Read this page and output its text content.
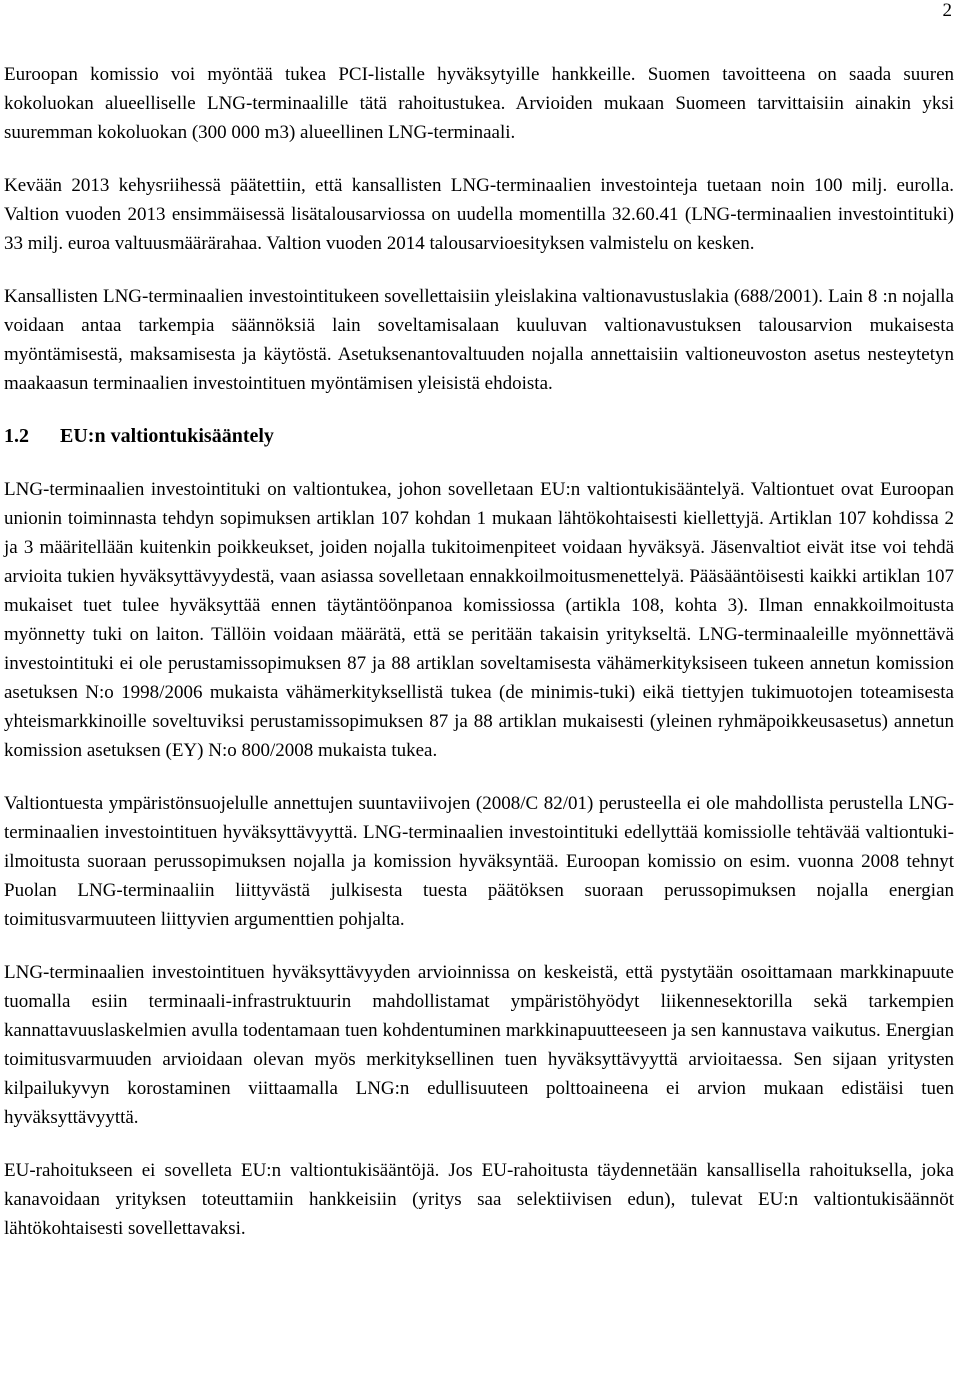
2

Euroopan komissio voi myöntää tukea PCI-listalle hyväksytyille hankkeille. Suomen tavoitteena on saada suuren kokoluokan alueelliselle LNG-terminaalille tätä rahoitustukea. Arvioiden mukaan Suomeen tarvittaisiin ainakin yksi suuremman kokoluokan (300 000 m3) alueellinen LNG-terminaali.

Kevään 2013 kehysriihessä päätettiin, että kansallisten LNG-terminaalien investointeja tuetaan noin 100 milj. eurolla. Valtion vuoden 2013 ensimmäisessä lisätalousarviossa on uudella momentilla 32.60.41 (LNG-terminaalien investointituki) 33 milj. euroa valtuusmäärärahaa. Valtion vuoden 2014 talousarvioesityksen valmistelu on kesken.

Kansallisten LNG-terminaalien investointitukeen sovellettaisiin yleislakina valtionavustuslakia (688/2001). Lain 8 :n nojalla voidaan antaa tarkempia säännöksiä lain soveltamisalaan kuuluvan valtionavustuksen talousarvion mukaisesta myöntämisestä, maksamisesta ja käytöstä. Asetuksenantovaltuuden nojalla annettaisiin valtioneuvoston asetus nesteytetyn maakaasun terminaalien investointituen myöntämisen yleisistä ehdoista.

1.2	EU:n valtiontukisääntely

LNG-terminaalien investointituki on valtiontukea, johon sovelletaan EU:n valtiontukisääntelyä. Valtiontuet ovat Euroopan unionin toiminnasta tehdyn sopimuksen artiklan 107 kohdan 1 mukaan lähtökohtaisesti kiellettyjä. Artiklan 107 kohdissa 2 ja 3 määritellään kuitenkin poikkeukset, joiden nojalla tukitoimenpiteet voidaan hyväksyä. Jäsenvaltiot eivät itse voi tehdä arvioita tukien hyväksyttävyydestä, vaan asiassa sovelletaan ennakkoilmoitusmenettelyä. Pääsääntöisesti kaikki artiklan 107 mukaiset tuet tulee hyväksyttää ennen täytäntöönpanoa komissiossa (artikla 108, kohta 3). Ilman ennakkoilmoitusta myönnetty tuki on laiton. Tällöin voidaan määrätä, että se peritään takaisin yritykseltä. LNG-terminaaleille myönnettävä investointituki ei ole perustamissopimuksen 87 ja 88 artiklan soveltamisesta vähämerkityksiseen tukeen annetun komission asetuksen N:o 1998/2006 mukaista vähämerkityksellistä tukea (de minimis-tuki) eikä tiettyjen tukimuotojen toteamisesta yhteismarkkinoille soveltuviksi perustamissopimuksen 87 ja 88 artiklan mukaisesti (yleinen ryhmäpoikkeusasetus) annetun komission asetuksen (EY) N:o 800/2008 mukaista tukea.

Valtiontuesta ympäristönsuojelulle annettujen suuntaviivojen (2008/C 82/01) perusteella ei ole mahdollista perustella LNG-terminaalien investointituen hyväksyttävyyttä. LNG-terminaalien investointituki edellyttää komissiolle tehtävää valtiontuki-ilmoitusta suoraan perussopimuksen nojalla ja komission hyväksyntää. Euroopan komissio on esim. vuonna 2008 tehnyt Puolan LNG-terminaaliin liittyvästä julkisesta tuesta päätöksen suoraan perussopimuksen nojalla energian toimitusvarmuuteen liittyvien argumenttien pohjalta.

LNG-terminaalien investointituen hyväksyttävyyden arvioinnissa on keskeistä, että pystytään osoittamaan markkinapuute tuomalla esiin terminaali-infrastruktuurin mahdollistamat ympäristöhyödyt liikennesektorilla sekä tarkempien kannattavuuslaskelmien avulla todentamaan tuen kohdentuminen markkinapuutteeseen ja sen kannustava vaikutus. Energian toimitusvarmuuden arvioidaan olevan myös merkityksellinen tuen hyväksyttävyyttä arvioitaessa. Sen sijaan yritysten kilpailukyvyn korostaminen viittaamalla LNG:n edullisuuteen polttoaineena ei arvion mukaan edistäisi tuen hyväksyttävyyttä.

EU-rahoitukseen ei sovelleta EU:n valtiontukisääntöjä. Jos EU-rahoitusta täydennetään kansallisella rahoituksella, joka kanavoidaan yrityksen toteuttamiin hankkeisiin (yritys saa selektiivisen edun), tulevat EU:n valtiontukisäännöt lähtökohtaisesti sovellettavaksi.
